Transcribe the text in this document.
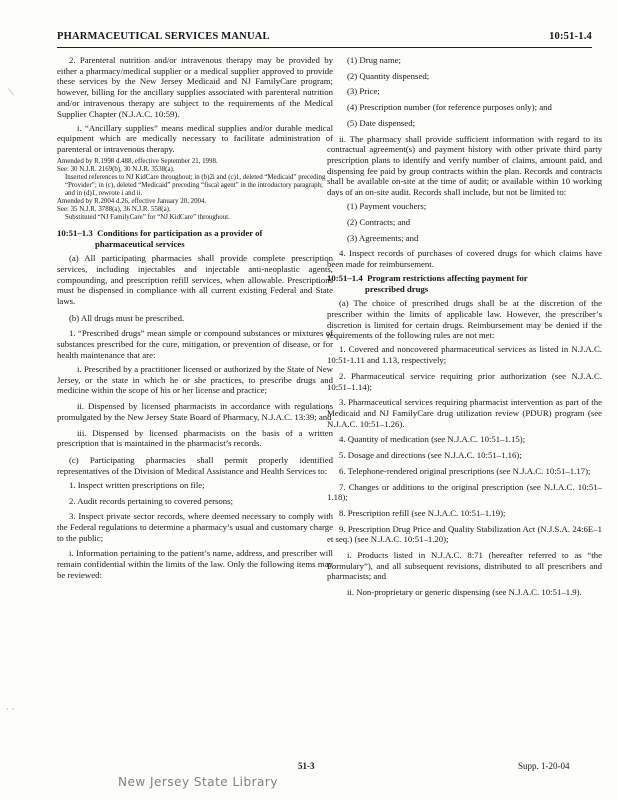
PHARMACEUTICAL SERVICES MANUAL	10:51-1.4
⟍
· ·

2. Parenteral nutrition and/or intravenous therapy may be provided by either a pharmacy/medical supplier or a medical supplier approved to provide these services by the New Jersey Medicaid and NJ FamilyCare program; however, billing for the ancillary supplies associated with parenteral nutrition and/or intravenous therapy are subject to the requirements of the Medical Supplier Chapter (N.J.A.C. 10:59).

i. “Ancillary supplies” means medical supplies and/or durable medical equipment which are medically necessary to facilitate administration of parenteral or intravenous therapy.

Amended by R.1998 d.488, effective September 21, 1998.
See: 30 N.J.R. 2169(b), 30 N.J.R. 3538(a).
Inserted references to NJ KidCare throughout; in (b)2i and (c)1, deleted “Medicaid” preceding “Provider”; in (c), deleted “Medicaid” preceding “fiscal agent” in the introductory paragraph; and in (d)1, rewrote i and ii.
Amended by R.2004 d.26, effective January 20, 2004.
See: 35 N.J.R. 3788(a), 36 N.J.R. 558(a).
Substituted “NJ FamilyCare” for “NJ KidCare” throughout.

10:51–1.3 Conditions for participation as a provider of
pharmaceutical services

(a) All participating pharmacies shall provide complete prescription services, including injectables and injectable anti-neoplastic agents, compounding, and prescription refill services, when allowable. Prescriptions must be dispensed in compliance with all current existing Federal and State laws.

(b) All drugs must be prescribed.

1. “Prescribed drugs” mean simple or compound substances or mixtures of substances prescribed for the cure, mitigation, or prevention of disease, or for health maintenance that are:

i. Prescribed by a practitioner licensed or authorized by the State of New Jersey, or the state in which he or she practices, to prescribe drugs and medicine within the scope of his or her license and practice;

ii. Dispensed by licensed pharmacists in accordance with regulations promulgated by the New Jersey State Board of Pharmacy, N.J.A.C. 13:39; and

iii. Dispensed by licensed pharmacists on the basis of a written prescription that is maintained in the pharmacist’s records.

(c) Participating pharmacies shall permit properly identified representatives of the Division of Medical Assistance and Health Services to:

1. Inspect written prescriptions on file;

2. Audit records pertaining to covered persons;

3. Inspect private sector records, where deemed necessary to comply with the Federal regulations to determine a pharmacy’s usual and customary charge to the public;

i. Information pertaining to the patient’s name, address, and prescriber will remain confidential within the limits of the law. Only the following items may be reviewed:

(1) Drug name;

(2) Quantity dispensed;

(3) Price;

(4) Prescription number (for reference purposes only); and

(5) Date dispensed;

ii. The pharmacy shall provide sufficient information with regard to its contractual agreement(s) and payment history with other private third party prescription plans to identify and verify number of claims, amount paid, and dispensing fee paid by group contracts within the plan. Records and contracts shall be available on-site at the time of audit; or available within 10 working days of an on-site audit. Records shall include, but not be limited to:

(1) Payment vouchers;

(2) Contracts; and

(3) Agreements; and

4. Inspect records of purchases of covered drugs for which claims have been made for reimbursement.

10:51–1.4 Program restrictions affecting payment for
prescribed drugs

(a) The choice of prescribed drugs shall be at the discretion of the prescriber within the limits of applicable law. However, the prescriber’s discretion is limited for certain drugs. Reimbursement may be denied if the requirements of the following rules are not met:

1. Covered and noncovered pharmaceutical services as listed in N.J.A.C. 10:51-1.11 and 1.13, respectively;

2. Pharmaceutical service requiring prior authorization (see N.J.A.C. 10:51–1.14);

3. Pharmaceutical services requiring pharmacist intervention as part of the Medicaid and NJ FamilyCare drug utilization review (PDUR) program (see N.J.A.C. 10:51–1.26).

4. Quantity of medication (see N.J.A.C. 10:51–1.15);

5. Dosage and directions (see N.J.A.C. 10:51–1.16);

6. Telephone-rendered original prescriptions (see N.J.A.C. 10:51–1.17);

7. Changes or additions to the original prescription (see N.J.A.C. 10:51–1.18);

8. Prescription refill (see N.J.A.C. 10:51–1.19);

9. Prescription Drug Price and Quality Stabilization Act (N.J.S.A. 24:6E–1 et seq.) (see N.J.A.C. 10:51–1.20);

i. Products listed in N.J.A.C. 8:71 (hereafter referred to as “the Formulary”), and all subsequent revisions, distributed to all prescribers and pharmacists; and

ii. Non-proprietary or generic dispensing (see N.J.A.C. 10:51–1.9).

51-3	Supp. 1-20-04
New Jersey State Library
